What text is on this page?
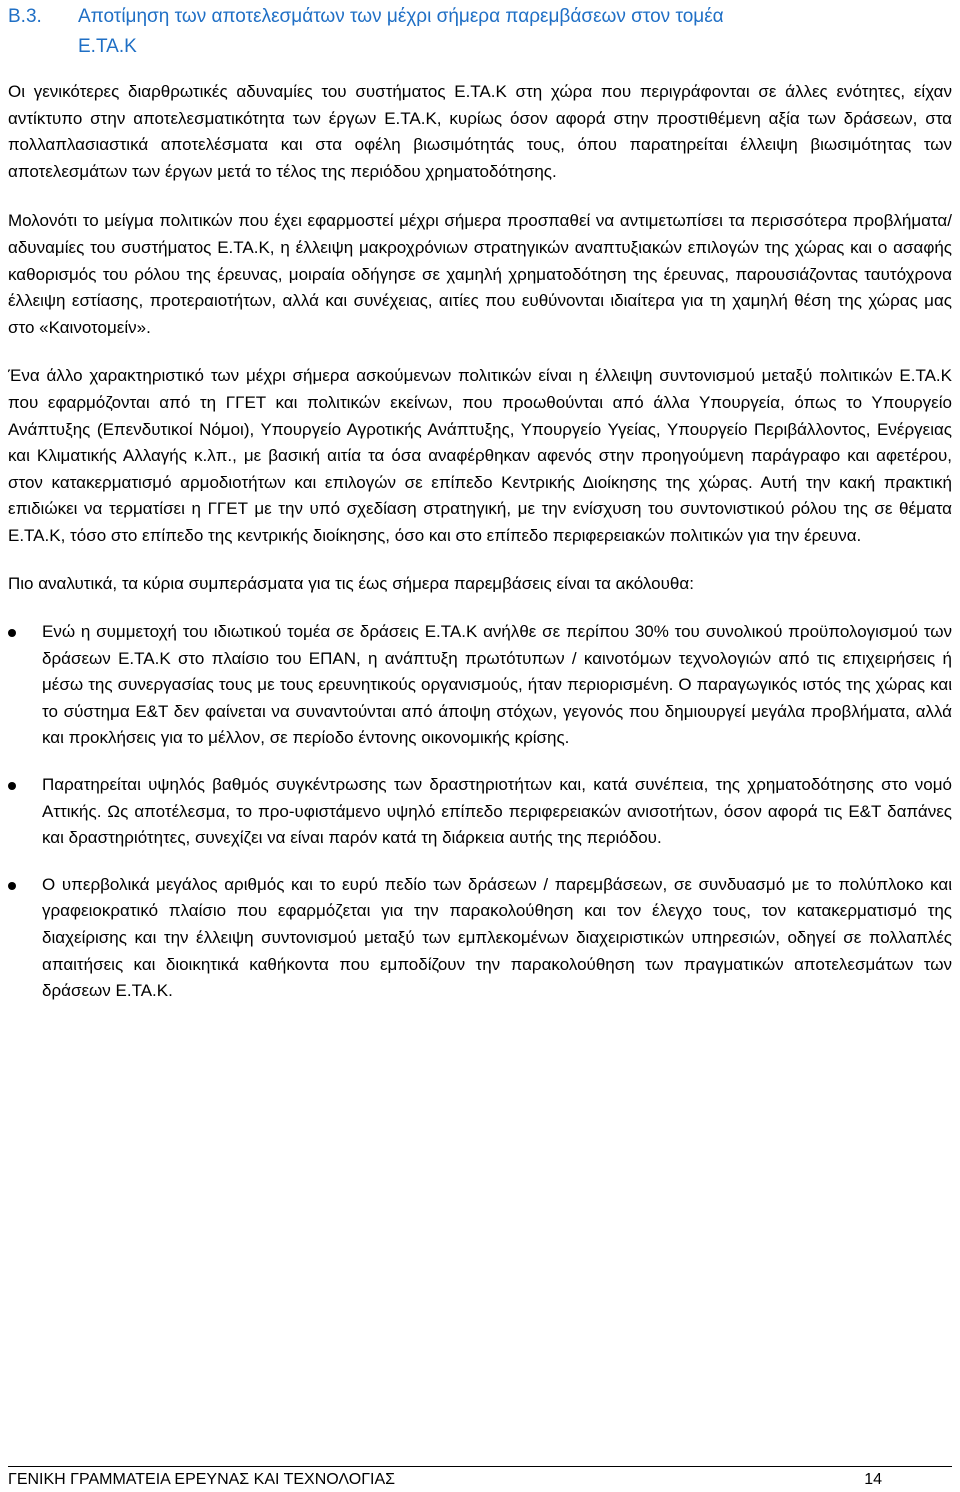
B.3.	Αποτίμηση των αποτελεσμάτων των μέχρι σήμερα παρεμβάσεων στον τομέα
Ε.ΤΑ.Κ

Οι γενικότερες διαρθρωτικές αδυναμίες του συστήματος Ε.ΤΑ.Κ στη χώρα που περιγράφονται σε άλλες ενότητες, είχαν αντίκτυπο στην αποτελεσματικότητα των έργων Ε.ΤΑ.Κ, κυρίως όσον αφορά στην προστιθέμενη αξία των δράσεων, στα πολλαπλασιαστικά αποτελέσματα και στα οφέλη βιωσιμότητάς τους, όπου παρατηρείται έλλειψη βιωσιμότητας των αποτελεσμάτων των έργων μετά το τέλος της περιόδου χρηματοδότησης.

Μολονότι το μείγμα πολιτικών που έχει εφαρμοστεί μέχρι σήμερα προσπαθεί να αντιμετωπίσει τα περισσότερα προβλήματα/αδυναμίες του συστήματος Ε.ΤΑ.Κ, η έλλειψη μακροχρόνιων στρατηγικών αναπτυξιακών επιλογών της χώρας και ο ασαφής καθορισμός του ρόλου της έρευνας, μοιραία οδήγησε σε χαμηλή χρηματοδότηση της έρευνας, παρουσιάζοντας ταυτόχρονα έλλειψη εστίασης, προτεραιοτήτων, αλλά και συνέχειας, αιτίες που ευθύνονται ιδιαίτερα για τη χαμηλή θέση της χώρας μας στο «Καινοτομείν».

Ένα άλλο χαρακτηριστικό των μέχρι σήμερα ασκούμενων πολιτικών είναι η έλλειψη συντονισμού μεταξύ πολιτικών Ε.ΤΑ.Κ που εφαρμόζονται από τη ΓΓΕΤ και πολιτικών εκείνων, που προωθούνται από άλλα Υπουργεία, όπως το Υπουργείο Ανάπτυξης (Επενδυτικοί Νόμοι), Υπουργείο Αγροτικής Ανάπτυξης, Υπουργείο Υγείας, Υπουργείο Περιβάλλοντος, Ενέργειας και Κλιματικής Αλλαγής κ.λπ., με βασική αιτία τα όσα αναφέρθηκαν αφενός στην προηγούμενη παράγραφο και αφετέρου, στον κατακερματισμό αρμοδιοτήτων και επιλογών σε επίπεδο Κεντρικής Διοίκησης της χώρας. Αυτή την κακή πρακτική επιδιώκει να τερματίσει η ΓΓΕΤ με την υπό σχεδίαση στρατηγική, με την ενίσχυση του συντονιστικού ρόλου της σε θέματα Ε.ΤΑ.Κ, τόσο στο επίπεδο της κεντρικής διοίκησης, όσο και στο επίπεδο περιφερειακών πολιτικών για την έρευνα.

Πιο αναλυτικά, τα κύρια συμπεράσματα για τις έως σήμερα παρεμβάσεις είναι τα ακόλουθα:

Ενώ η συμμετοχή του ιδιωτικού τομέα σε δράσεις Ε.ΤΑ.Κ ανήλθε σε περίπου 30% του συνολικού προϋπολογισμού των δράσεων Ε.ΤΑ.Κ στο πλαίσιο του ΕΠΑΝ, η ανάπτυξη πρωτότυπων / καινοτόμων τεχνολογιών από τις επιχειρήσεις ή μέσω της συνεργασίας τους με τους ερευνητικούς οργανισμούς, ήταν περιορισμένη. Ο παραγωγικός ιστός της χώρας και το σύστημα Ε&Τ δεν φαίνεται να συναντούνται από άποψη στόχων, γεγονός που δημιουργεί μεγάλα προβλήματα, αλλά και προκλήσεις για το μέλλον, σε περίοδο έντονης οικονομικής κρίσης.
Παρατηρείται υψηλός βαθμός συγκέντρωσης των δραστηριοτήτων και, κατά συνέπεια, της χρηματοδότησης στο νομό Αττικής. Ως αποτέλεσμα, το προ-υφιστάμενο υψηλό επίπεδο περιφερειακών ανισοτήτων, όσον αφορά τις Ε&Τ δαπάνες και δραστηριότητες, συνεχίζει να είναι παρόν κατά τη διάρκεια αυτής της περιόδου.
Ο υπερβολικά μεγάλος αριθμός και το ευρύ πεδίο των δράσεων / παρεμβάσεων, σε συνδυασμό με το πολύπλοκο και γραφειοκρατικό πλαίσιο που εφαρμόζεται για την παρακολούθηση και τον έλεγχο τους, τον κατακερματισμό της διαχείρισης και την έλλειψη συντονισμού μεταξύ των εμπλεκομένων διαχειριστικών υπηρεσιών, οδηγεί σε πολλαπλές απαιτήσεις και διοικητικά καθήκοντα που εμποδίζουν την παρακολούθηση των πραγματικών αποτελεσμάτων των δράσεων Ε.ΤΑ.Κ.
ΓΕΝΙΚΗ ΓΡΑΜΜΑΤΕΙΑ ΕΡΕΥΝΑΣ ΚΑΙ ΤΕΧΝΟΛΟΓΙΑΣ	14
